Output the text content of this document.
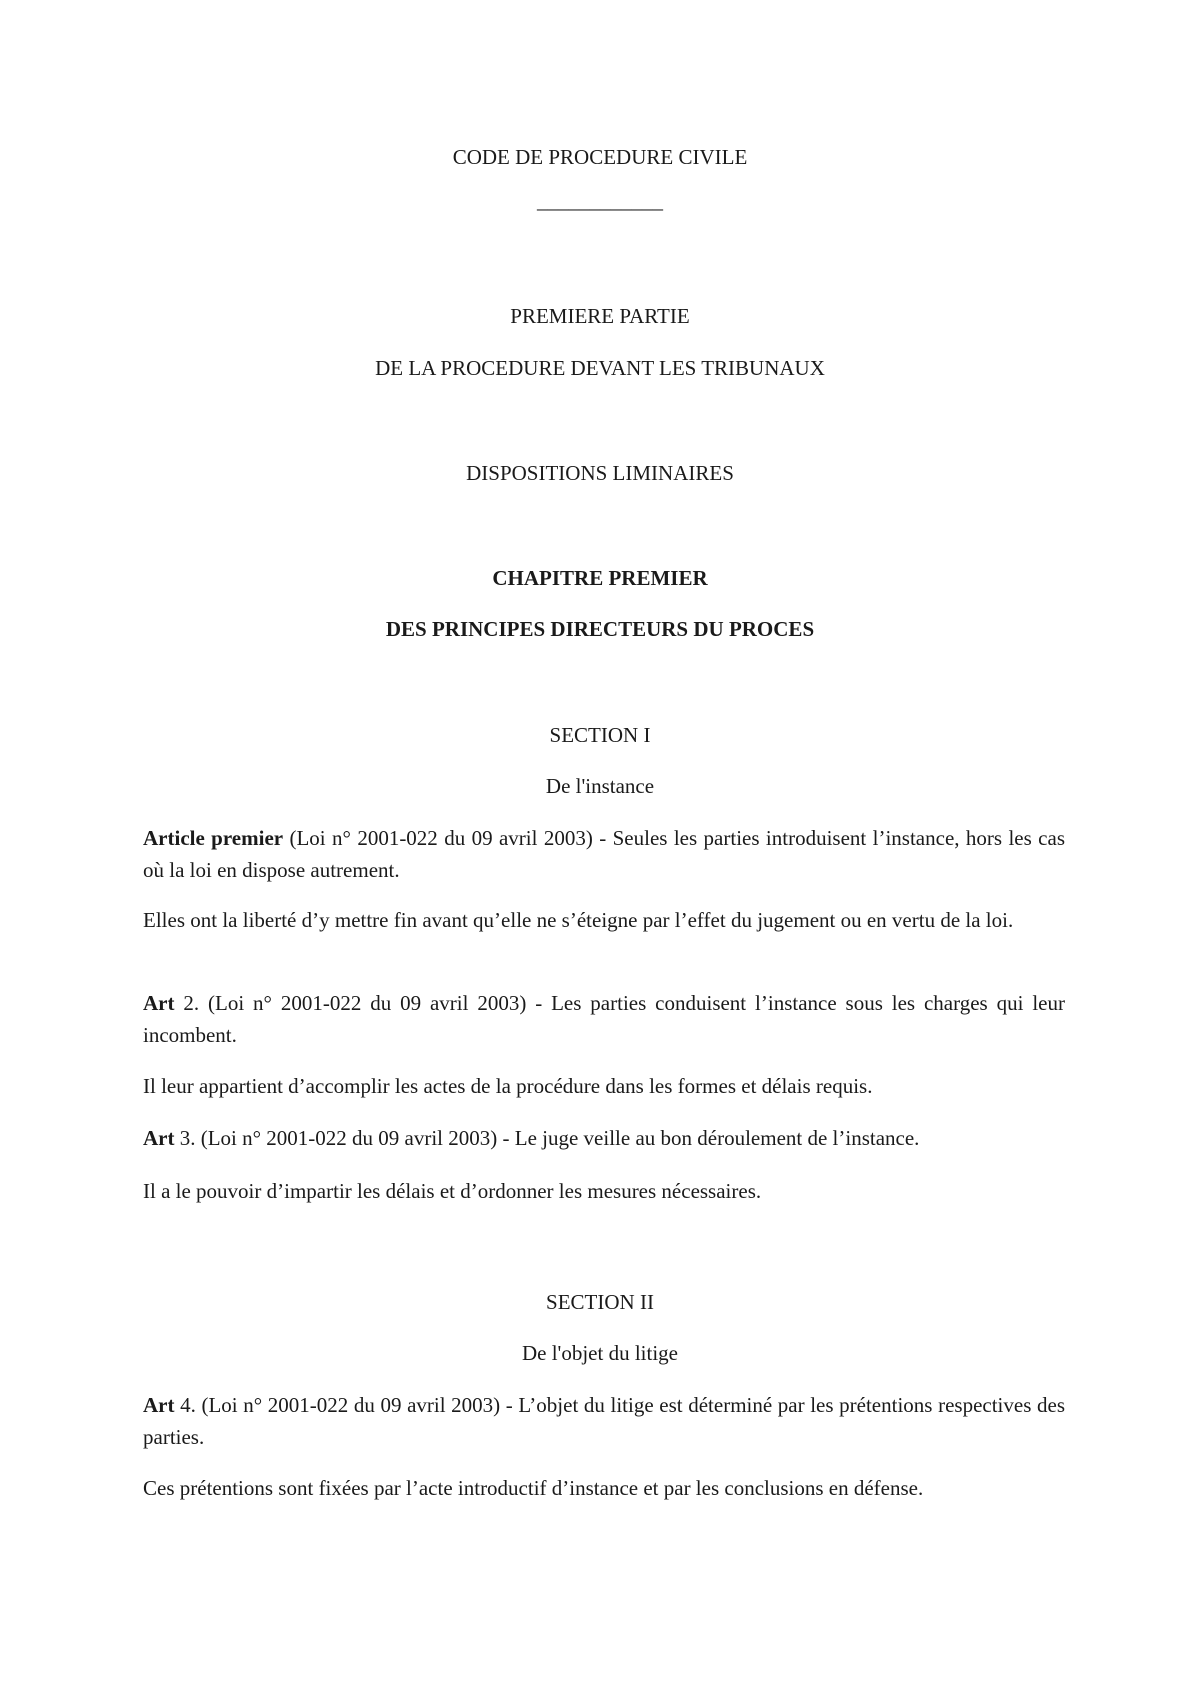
CODE DE PROCEDURE CIVILE
____________
PREMIERE PARTIE
DE LA PROCEDURE DEVANT LES TRIBUNAUX
DISPOSITIONS LIMINAIRES
CHAPITRE PREMIER
DES PRINCIPES DIRECTEURS DU PROCES
SECTION I
De l'instance
Article premier (Loi n° 2001-022 du 09 avril 2003) - Seules les parties introduisent l’instance, hors les cas où la loi en dispose autrement.
Elles ont la liberté d’y mettre fin avant qu’elle ne s’éteigne par l’effet du jugement ou en vertu de la loi.
Art 2. (Loi n° 2001-022 du 09 avril 2003) - Les parties conduisent l’instance sous les charges qui leur incombent.
Il leur appartient d’accomplir les actes de la procédure dans les formes et délais requis.
Art 3. (Loi n° 2001-022 du 09 avril 2003) - Le juge veille au bon déroulement de l’instance.
Il a le pouvoir d’impartir les délais et d’ordonner les mesures nécessaires.
SECTION II
De l'objet du litige
Art 4. (Loi n° 2001-022 du 09 avril 2003) - L’objet du litige est déterminé par les prétentions respectives des parties.
Ces prétentions sont fixées par l’acte introductif d’instance et par les conclusions en défense.
